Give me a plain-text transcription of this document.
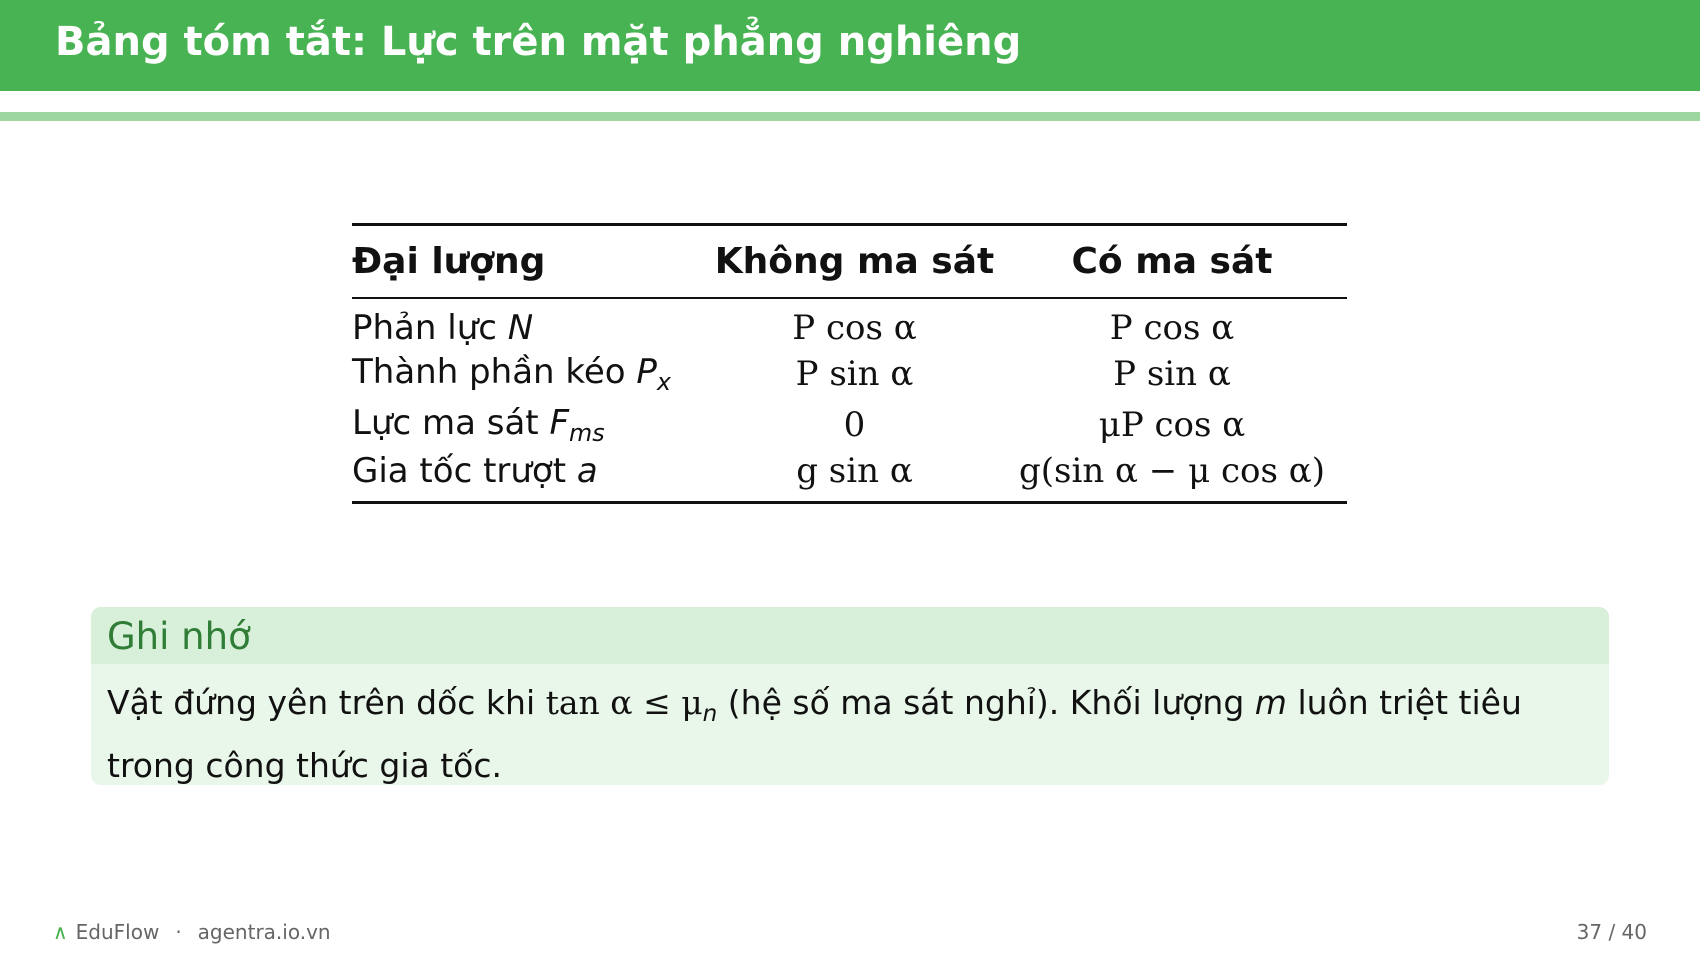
Bảng tóm tắt: Lực trên mặt phẳng nghiêng
Đại lượng	Không ma sát	Có ma sát
Phản lực N	P cos α	P cos α
Thành phần kéo $P_x$	P sin α	P sin α
Lực ma sát $F_{ms}$	0	μP cos α
Gia tốc trượt a	g sin α	g(sin α − μ cos α)
Ghi nhớ
Vật đứng yên trên dốc khi $\tan \alpha \le \mu_n$ (hệ số ma sát nghỉ). Khối lượng m luôn triệt tiêu trong công thức gia tốc.
∧ EduFlow · agentra.io.vn	37 / 40
